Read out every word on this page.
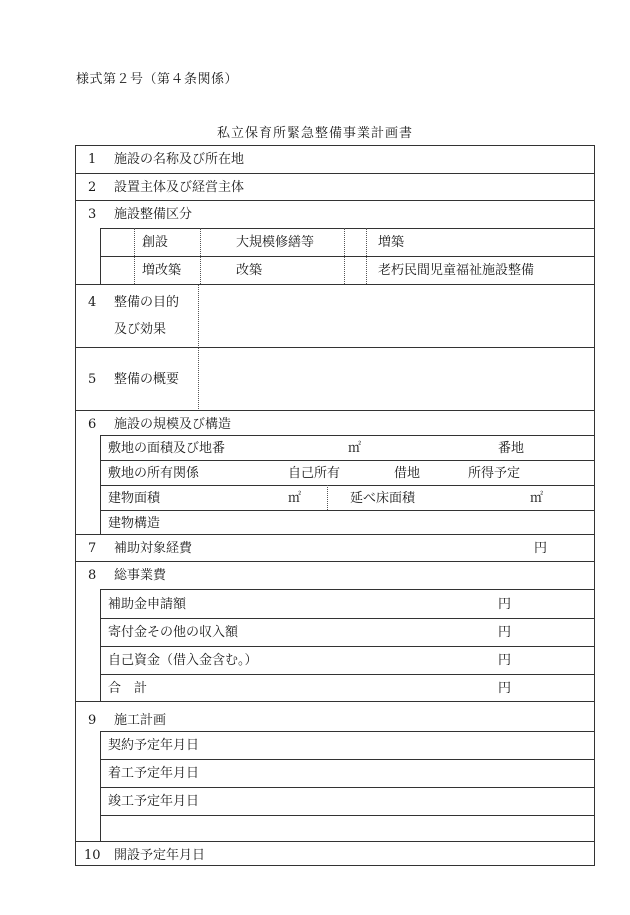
様式第２号（第４条関係）
私立保育所緊急整備事業計画書
1 施設の名称及び所在地
2 設置主体及び経営主体
3 施設整備区分
創設	大規模修繕等	増築
増改築	改築	老朽民間児童福祉施設整備
4 整備の目的
及び効果
5 整備の概要
6 施設の規模及び構造
敷地の面積及び地番	㎡	番地
敷地の所有関係	自己所有	借地	所得予定
建物面積	㎡	延べ床面積	㎡
建物構造
7 補助対象経費	円
8 総事業費
補助金申請額	円
寄付金その他の収入額	円
自己資金（借入金含む。）	円
合　計	円
9 施工計画
契約予定年月日
着工予定年月日
竣工予定年月日
10 開設予定年月日
